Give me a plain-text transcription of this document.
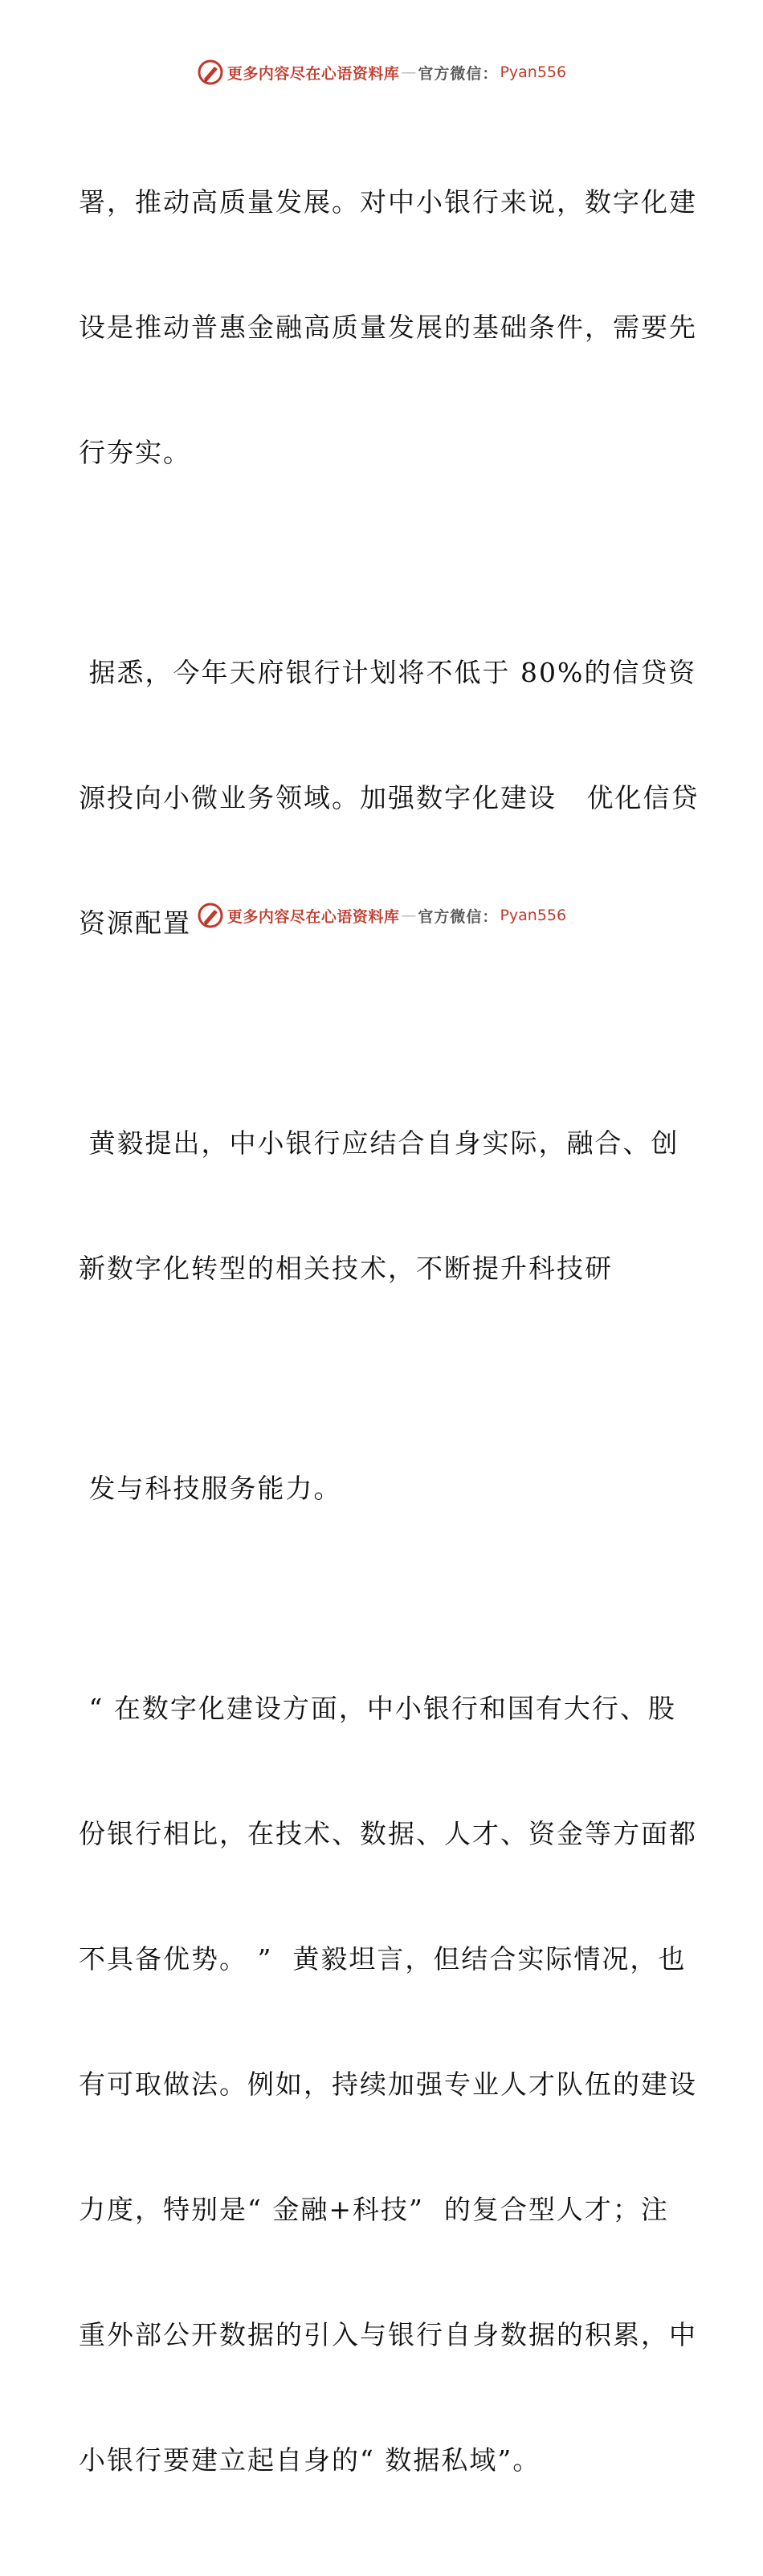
更多内容尽在心语资料库 — 官方微信： Pyan556

署，推动高质量发展。对中小银行来说，数字化建

设是推动普惠金融高质量发展的基础条件，需要先

行夯实。

据悉，今年天府银行计划将不低于 80%的信贷资

源投向小微业务领域。加强数字化建设   优化信贷

资源配置

黄毅提出，中小银行应结合自身实际，融合、创

新数字化转型的相关技术，不断提升科技研

发与科技服务能力。

“ 在数字化建设方面，中小银行和国有大行、股

份银行相比，在技术、数据、人才、资金等方面都

不具备优势。 ”  黄毅坦言，但结合实际情况，也

有可取做法。例如，持续加强专业人才队伍的建设

力度，特别是“ 金融+科技”  的复合型人才；注

重外部公开数据的引入与银行自身数据的积累，中

小银行要建立起自身的“ 数据私域”。

更多内容尽在心语资料库 — 官方微信： Pyan556
